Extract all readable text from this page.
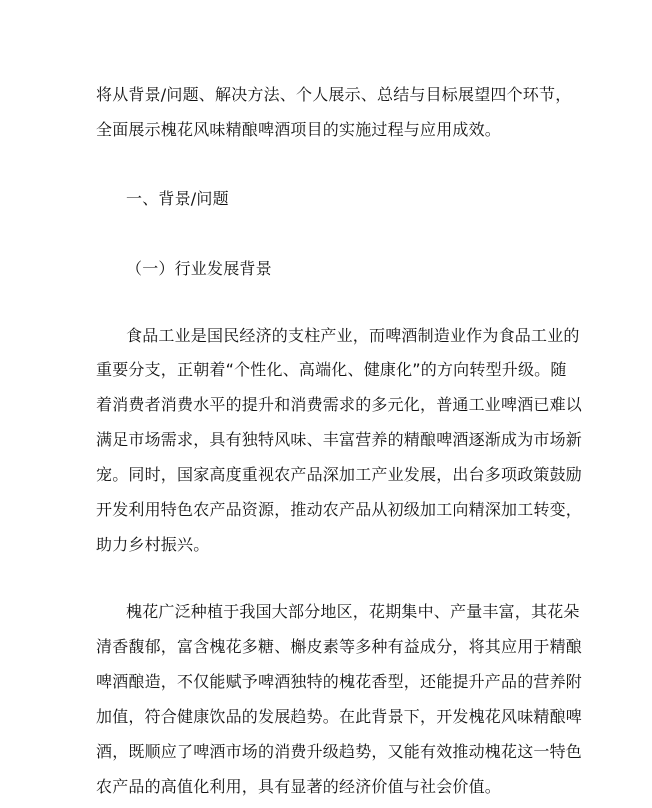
将从背景/问题、解决方法、个人展示、总结与目标展望四个环节，
全面展示槐花风味精酿啤酒项目的实施过程与应用成效。
一、背景/问题
（一）行业发展背景
食品工业是国民经济的支柱产业，而啤酒制造业作为食品工业的
重要分支，正朝着“个性化、高端化、健康化”的方向转型升级。随
着消费者消费水平的提升和消费需求的多元化，普通工业啤酒已难以
满足市场需求，具有独特风味、丰富营养的精酿啤酒逐渐成为市场新
宠。同时，国家高度重视农产品深加工产业发展，出台多项政策鼓励
开发利用特色农产品资源，推动农产品从初级加工向精深加工转变，
助力乡村振兴。
槐花广泛种植于我国大部分地区，花期集中、产量丰富，其花朵
清香馥郁，富含槐花多糖、槲皮素等多种有益成分，将其应用于精酿
啤酒酿造，不仅能赋予啤酒独特的槐花香型，还能提升产品的营养附
加值，符合健康饮品的发展趋势。在此背景下，开发槐花风味精酿啤
酒，既顺应了啤酒市场的消费升级趋势，又能有效推动槐花这一特色
农产品的高值化利用，具有显著的经济价值与社会价值。
